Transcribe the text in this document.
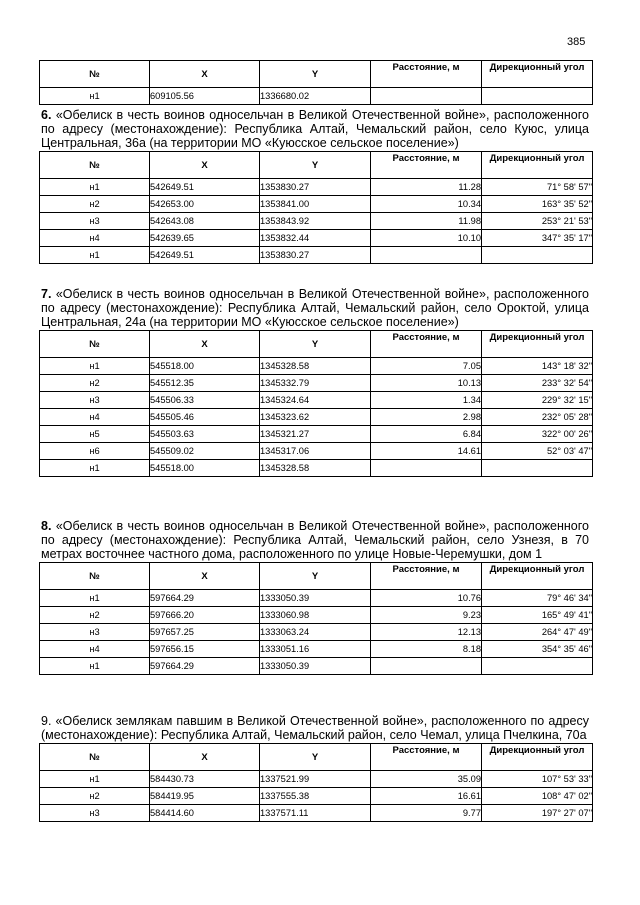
385
№	X	Y	Расстояние, м	Дирекционный угол
н1	609105.56	1336680.02		

6. «Обелиск в честь воинов односельчан в Великой Отечественной войне», расположенного по адресу (местонахождение): Республика Алтай, Чемальский район, село Куюс, улица Центральная, 36а (на территории МО «Куюсское сельское поселение»)

№	X	Y	Расстояние, м	Дирекционный угол
н1	542649.51	1353830.27	11.28	71° 58' 57"
н2	542653.00	1353841.00	10.34	163° 35' 52"
н3	542643.08	1353843.92	11.98	253° 21' 53"
н4	542639.65	1353832.44	10.10	347° 35' 17"
н1	542649.51	1353830.27		

7. «Обелиск в честь воинов односельчан в Великой Отечественной войне», расположенного по адресу (местонахождение): Республика Алтай, Чемальский район, село Ороктой, улица Центральная, 24а (на территории МО «Куюсское сельское поселение»)

№	X	Y	Расстояние, м	Дирекционный угол
н1	545518.00	1345328.58	7.05	143° 18' 32"
н2	545512.35	1345332.79	10.13	233° 32' 54"
н3	545506.33	1345324.64	1.34	229° 32' 15"
н4	545505.46	1345323.62	2.98	232° 05' 28"
н5	545503.63	1345321.27	6.84	322° 00' 26"
н6	545509.02	1345317.06	14.61	52° 03' 47"
н1	545518.00	1345328.58		

8. «Обелиск в честь воинов односельчан в Великой Отечественной войне», расположенного по адресу (местонахождение): Республика Алтай, Чемальский район, село Узнезя, в 70 метрах восточнее частного дома, расположенного по улице Новые-Черемушки, дом 1

№	X	Y	Расстояние, м	Дирекционный угол
н1	597664.29	1333050.39	10.76	79° 46' 34"
н2	597666.20	1333060.98	9.23	165° 49' 41"
н3	597657.25	1333063.24	12.13	264° 47' 49"
н4	597656.15	1333051.16	8.18	354° 35' 46"
н1	597664.29	1333050.39		

9. «Обелиск землякам павшим в Великой Отечественной войне», расположенного по адресу (местонахождение): Республика Алтай, Чемальский район, село Чемал, улица Пчелкина, 70а

№	X	Y	Расстояние, м	Дирекционный угол
н1	584430.73	1337521.99	35.09	107° 53' 33"
н2	584419.95	1337555.38	16.61	108° 47' 02"
н3	584414.60	1337571.11	9.77	197° 27' 07"
